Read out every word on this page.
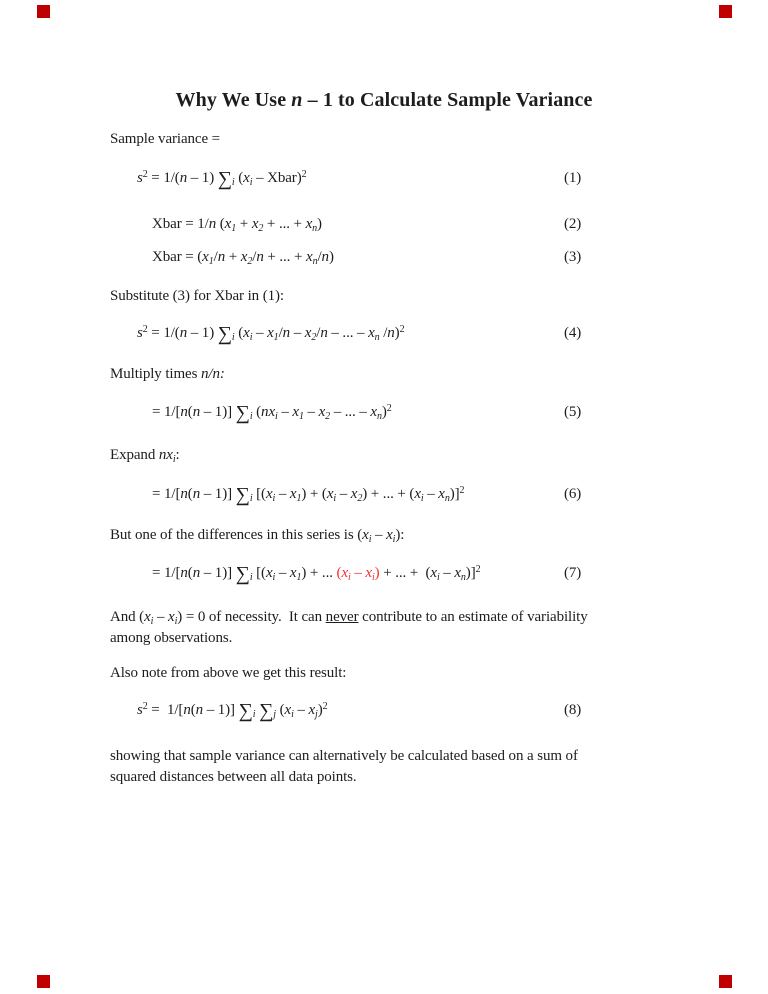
Why We Use n – 1 to Calculate Sample Variance
Sample variance =
$s^2 = 1/(n - 1)$ $\sum_i$ ($x_i$ – Xbar)$^2$	(1)
Xbar = 1/n ($x_1 + x_2$ + ... + $x_n$)	(2)
Xbar = ($x_1/n + x_2/n$ + ... + $x_n/n$)	(3)
Substitute (3) for Xbar in (1):
$s^2 = 1/(n - 1)$ $\sum_i$ ($x_i - x_1/n - x_2/n$ – ... – $x_n$ /n)$^2$	(4)
Multiply times n/n:
= 1/[n(n – 1)] $\sum_i$ ($nx_i - x_1 - x_2$ – ... – $x_n)^2$	(5)
Expand $nx_i$:
= 1/[n(n – 1)] $\sum_i$ [$(x_i - x_1) + (x_i - x_2)$ + ... + $(x_i - x_n)]^2$	(6)
But one of the differences in this series is $(x_i - x_i)$:
= 1/[n(n – 1)] $\sum_i$ [$(x_i - x_1)$ + ... $(x_i - x_i)$ + ... +  $(x_i - x_n)]^2$	(7)
And $(x_i - x_i) = 0$ of necessity.  It can never contribute to an estimate of variability
among observations.
Also note from above we get this result:
$s^2 = 1/[n(n - 1)]$ $\sum_i$ $\sum_j$ $(x_i - x_j)^2$	(8)
showing that sample variance can alternatively be calculated based on a sum of
squared distances between all data points.
